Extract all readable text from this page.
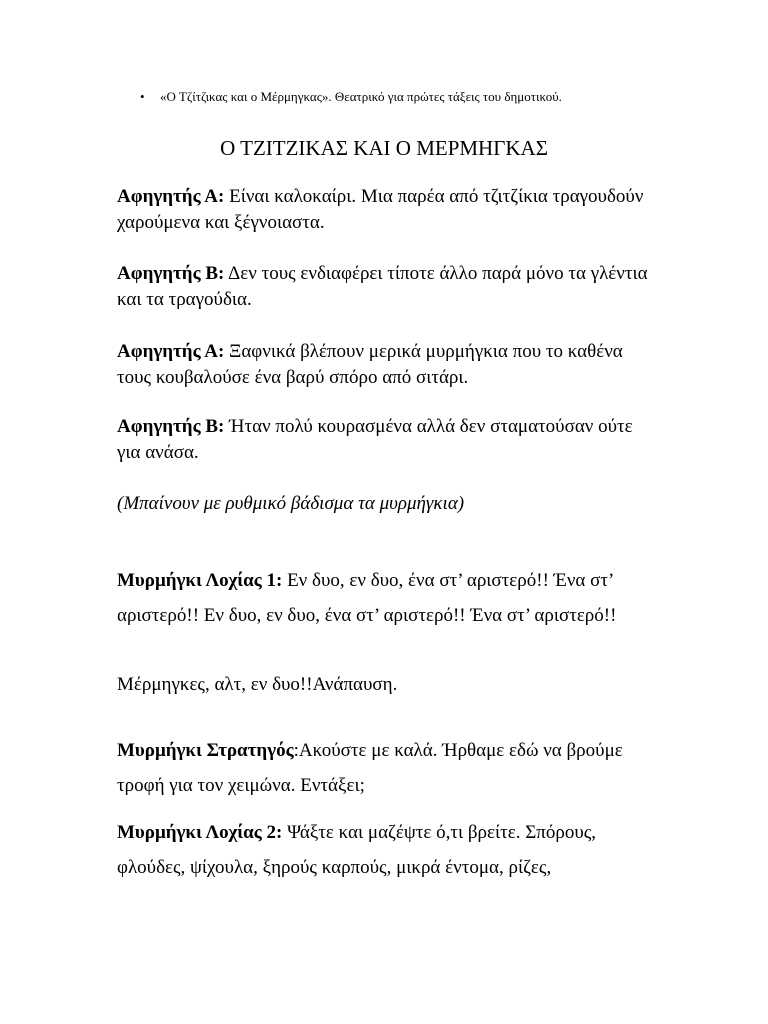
• «Ο Τζίτζικας και ο Μέρμηγκας». Θεατρικό για πρώτες τάξεις του δημοτικού.
Ο ΤΖΙΤΖΙΚΑΣ ΚΑΙ Ο ΜΕΡΜΗΓΚΑΣ
Αφηγητής Α: Είναι καλοκαίρι. Μια παρέα από τζιτζίκια τραγουδούν χαρούμενα και ξέγνοιαστα.
Αφηγητής Β: Δεν τους ενδιαφέρει τίποτε άλλο παρά μόνο τα γλέντια και τα τραγούδια.
Αφηγητής Α: Ξαφνικά βλέπουν μερικά μυρμήγκια που το καθένα τους κουβαλούσε ένα βαρύ σπόρο από σιτάρι.
Αφηγητής Β: Ήταν πολύ κουρασμένα αλλά δεν σταματούσαν ούτε για ανάσα.
(Μπαίνουν με ρυθμικό βάδισμα τα μυρμήγκια)
Μυρμήγκι Λοχίας 1: Εν δυο, εν δυο, ένα στ’ αριστερό!! Ένα στ’ αριστερό!! Εν δυο, εν δυο, ένα στ’ αριστερό!! Ένα στ’ αριστερό!!
Μέρμηγκες, αλτ, εν δυο!!Ανάπαυση.
Μυρμήγκι Στρατηγός:Ακούστε με καλά. Ήρθαμε εδώ να βρούμε τροφή για τον χειμώνα. Εντάξει;
Μυρμήγκι Λοχίας 2: Ψάξτε και μαζέψτε ό,τι βρείτε. Σπόρους, φλούδες, ψίχουλα, ξηρούς καρπούς, μικρά έντομα, ρίζες,
